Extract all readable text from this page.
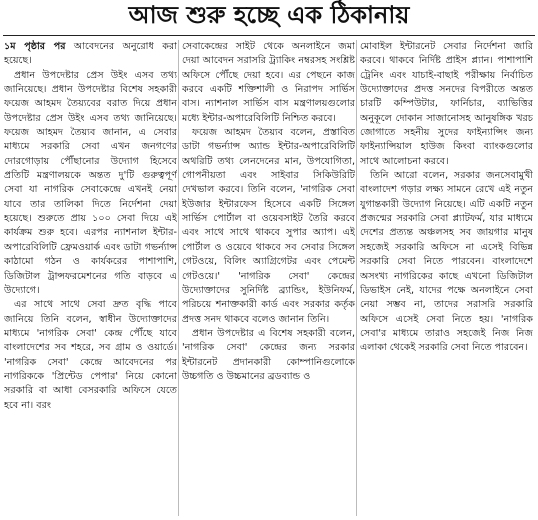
আজ শুরু হচ্ছে এক ঠিকানায়

১ম পৃষ্ঠার পর আবেদনের অনুরোধ করা হয়েছে।

প্রধান উপদেষ্টার প্রেস উইং এসব তথ্য জানিয়েছে। প্রধান উপদেষ্টার বিশেষ সহকারী ফয়েজ আহমদ তৈয়্যবের বরাত দিয়ে প্রধান উপদেষ্টার প্রেস উইং এসব তথ্য জানিয়েছে। ফয়েজ আহমদ তৈয়্যব জানান, এ সেবার মাধ্যমে সরকারি সেবা এখন জনগণের দোরগোড়ায় পৌঁছানোর উদ্যোগ হিসেবে প্রতিটি মন্ত্রণালয়কে অন্তত দু'টি গুরুত্বপূর্ণ সেবা যা নাগরিক সেবাকেন্দ্রে এখনই নেয়া যাবে তার তালিকা দিতে নির্দেশনা দেয়া হয়েছে। শুরুতে প্রায় ১০০ সেবা দিয়ে এই কার্যক্রম শুরু হবে। এরপর ন্যাশনাল ইন্টার-অপারেবিলিটি ফ্রেমওয়ার্ক এবং ডাটা গভর্ন্যান্স কাঠামো গঠন ও কার্যকরের পাশাপাশি, ডিজিটাল ট্রান্সফরমেশনের গতি বাড়বে এ উদ্যোগে।

এর সাথে সাথে সেবা দ্রুত বৃদ্ধি পাবে জানিয়ে তিনি বলেন, স্বাধীন উদ্যোক্তাদের মাধ্যমে 'নাগরিক সেবা' কেন্দ্র পৌঁছে যাবে বাংলাদেশের সব শহরে, সব গ্রাম ও ওয়ার্ডে। 'নাগরিক সেবা' কেন্দ্রে আবেদনের পর নাগরিককে 'প্রিন্টেড পেপার' নিয়ে কোনো সরকারি বা আধা বেসরকারি অফিসে যেতে হবে না। বরং

সেবাকেন্দ্রের সাইট থেকে অনলাইনে জমা দেয়া আবেদন সরাসরি ট্র্যাকিং নম্বরসহ সংশ্লিষ্ট অফিসে পৌঁছে দেয়া হবে। এর পেছনে কাজ করবে একটি শক্তিশালী ও নিরাপদ সার্ভিস বাস। ন্যাশনাল সার্ভিস বাস মন্ত্রণালয়গুলোর মধ্যে ইন্টার-অপারেবিলিটি নিশ্চিত করবে।

ফয়েজ আহমদ তৈয়্যব বলেন, প্রস্তাবিত ডাটা গভর্ন্যান্স অ্যান্ড ইন্টার-অপারেবিলিটি অথরিটি তথ্য লেনদেনের মান, উপযোগিতা, গোপনীয়তা এবং সাইবার সিকিউরিটি দেখভাল করবে। তিনি বলেন, 'নাগরিক সেবা ইউজার ইন্টারফেস হিসেবে একটি সিঙ্গেল সার্ভিস পোর্টাল বা ওয়েবসাইট তৈরি করবে এবং সাথে সাথে থাকবে সুপার অ্যাপ। এই পোর্টাল ও ওয়েবে থাকবে সব সেবার সিঙ্গেল গেটওয়ে, বিলিং অ্যাগ্রিগেটর এবং পেমেন্ট গেটওয়ে।' 'নাগরিক সেবা' কেন্দ্রের উদ্যোক্তাদের সুনির্দিষ্ট ব্র্যান্ডিং, ইউনিফর্ম, পরিচয়ে শনাক্তকারী কার্ড এবং সরকার কর্তৃক প্রদত্ত সনদ থাকবে বলেও জানান তিনি।

প্রধান উপদেষ্টার এ বিশেষ সহকারী বলেন, 'নাগরিক সেবা' কেন্দ্রের জন্য সরকার ইন্টারনেট প্রদানকারী কোম্পানিগুলোকে উচ্চগতি ও উচ্চমানের ব্রডব্যান্ড ও

মোবাইল ইন্টারনেট সেবার নির্দেশনা জারি করবে। থাকবে নির্দিষ্ট প্রাইস প্ল্যান। পাশাপাশি ট্রেনিং এবং যাচাই-বাছাই পরীক্ষায় নির্বাচিত উদ্যোক্তাদের প্রদত্ত সনদের বিপরীতে অন্তত চারটি কম্পিউটার, ফার্নিচার, ব্যাভিত্তির অনুকূলে দোকান সাজানোসহ আনুষঙ্গিক খরচ জোগাতে সহনীয় সুদের ফাইন্যান্সিং জন্য ফাইন্যান্সিয়াল হাউজ কিংবা ব্যাংকগুলোর সাথে আলোচনা করবে।

তিনি আরো বলেন, সরকার জনসেবামুখী বাংলাদেশ গড়ার লক্ষ্য সামনে রেখে এই নতুন যুগান্তকারী উদ্যোগ নিয়েছে। এটি একটি নতুন প্রজন্মের সরকারি সেবা প্ল্যাটফর্ম, যার মাধ্যমে দেশের প্রত্যন্ত অঞ্চলসহ সব জায়গার মানুষ সহজেই সরকারি অফিসে না এসেই বিভিন্ন সরকারি সেবা নিতে পারবেন। বাংলাদেশে অসংখ্য নাগরিকের কাছে এখনো ডিজিটাল ডিভাইস নেই, যাদের পক্ষে অনলাইনে সেবা নেয়া সম্ভব না, তাদের সরাসরি সরকারি অফিসে এসেই সেবা নিতে হয়। 'নাগরিক সেবা'র মাধ্যমে তারাও সহজেই নিজ নিজ এলাকা থেকেই সরকারি সেবা নিতে পারবেন।
